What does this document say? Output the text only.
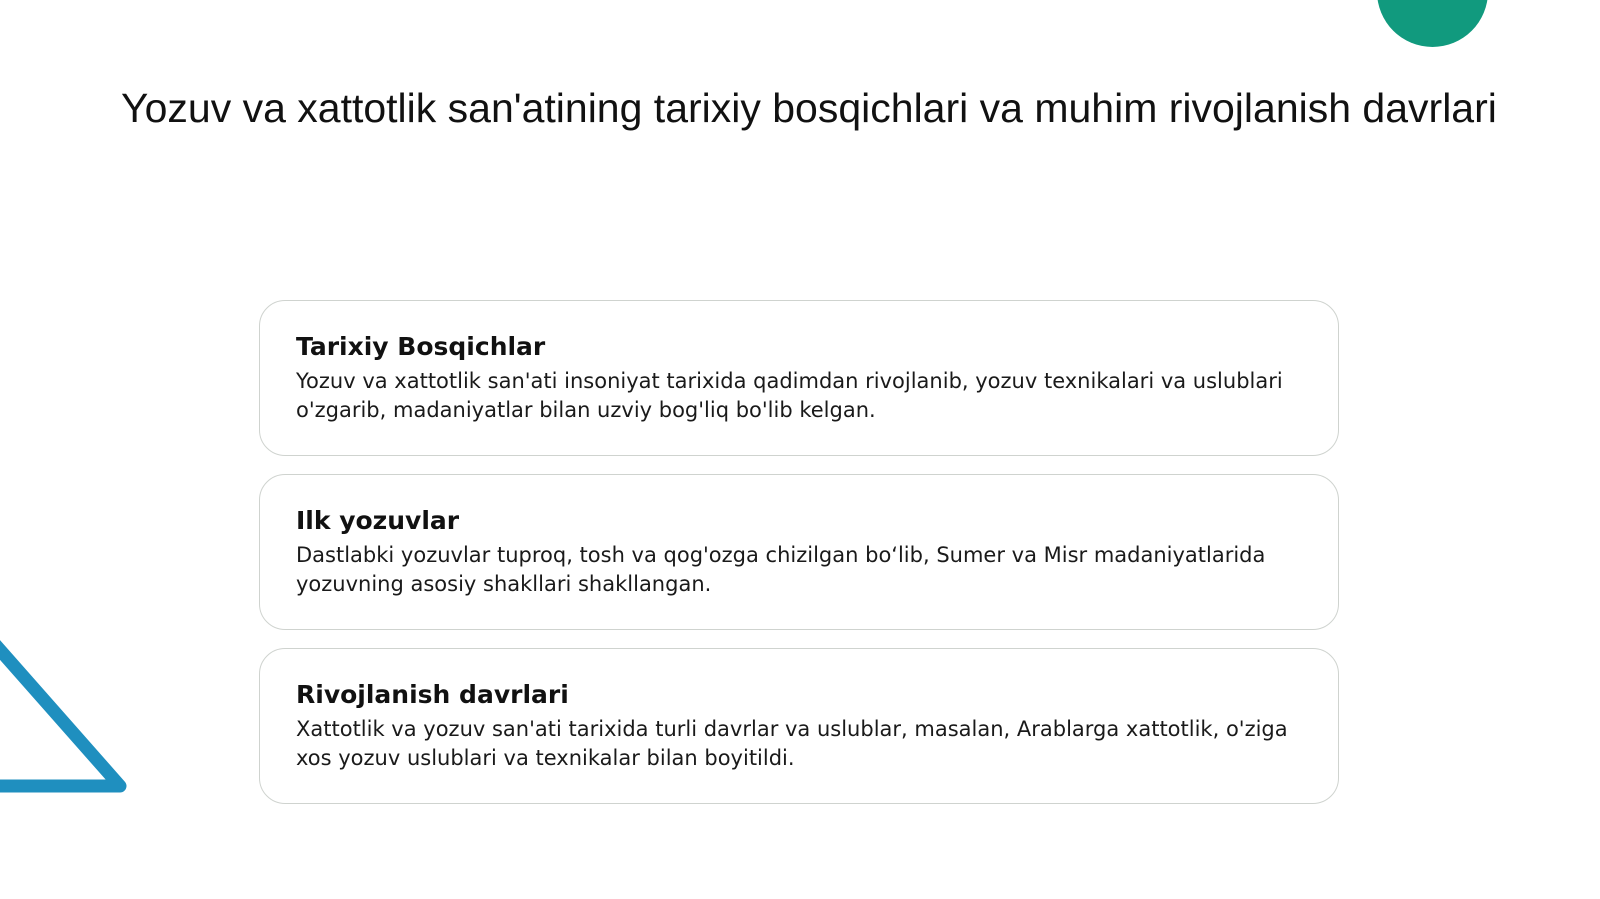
Yozuv va xattotlik san'atining tarixiy bosqichlari va muhim rivojlanish davrlari
Tarixiy Bosqichlar

Yozuv va xattotlik san'ati insoniyat tarixida qadimdan rivojlanib, yozuv texnikalari va uslublari o'zgarib, madaniyatlar bilan uzviy bog'liq bo'lib kelgan.

Ilk yozuvlar

Dastlabki yozuvlar tuproq, tosh va qog'ozga chizilgan bo‘lib, Sumer va Misr madaniyatlarida yozuvning asosiy shakllari shakllangan.

Rivojlanish davrlari

Xattotlik va yozuv san'ati tarixida turli davrlar va uslublar, masalan, Arablarga xattotlik, o'ziga xos yozuv uslublari va texnikalar bilan boyitildi.
